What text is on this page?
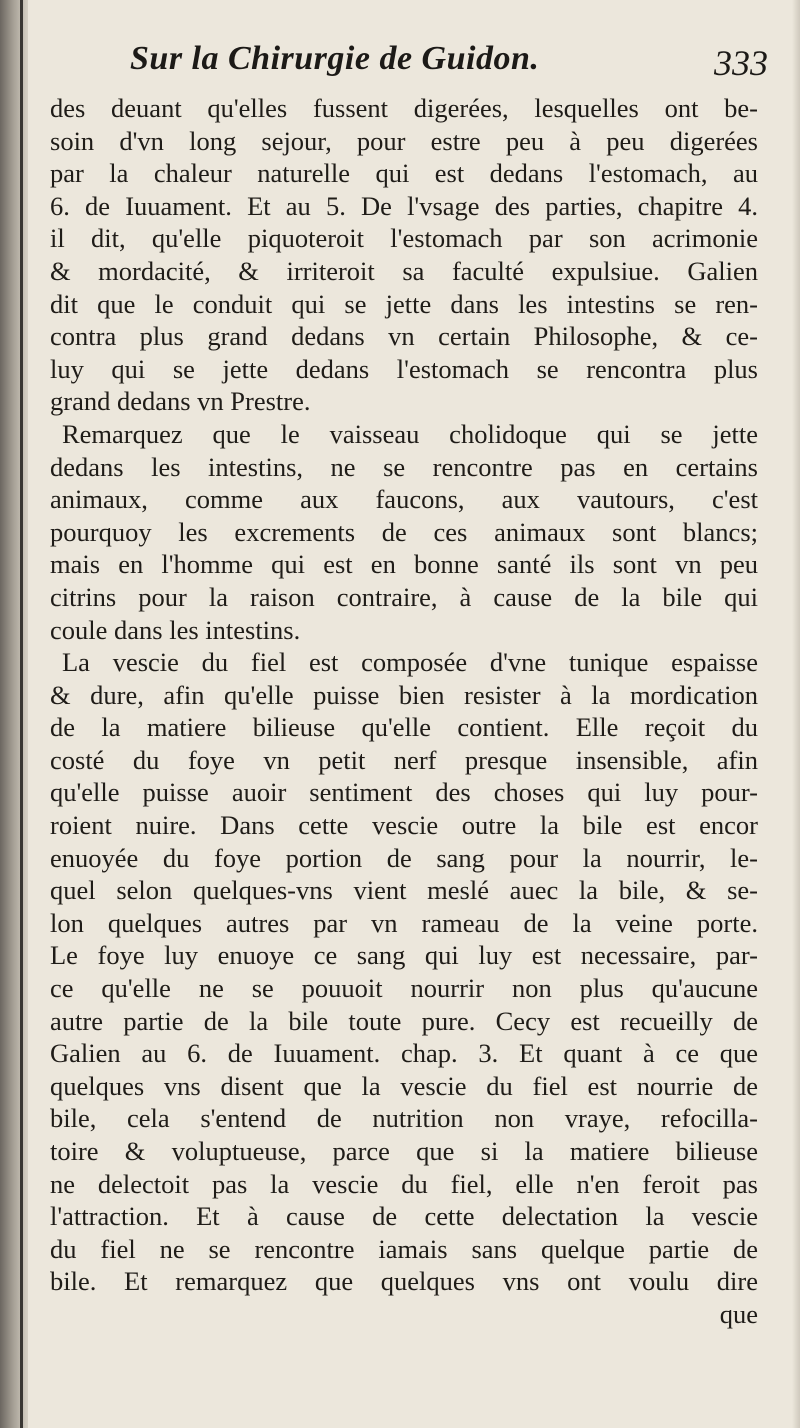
Sur la Chirurgie de Guidon.	333
des deuant qu'elles fussent digerées, lesquelles ont be-
soin d'vn long sejour, pour estre peu à peu digerées
par la chaleur naturelle qui est dedans l'estomach, au
6. de Iuuament. Et au 5. De l'vsage des parties, chapitre 4.
il dit, qu'elle piquoteroit l'estomach par son acrimonie
& mordacité, & irriteroit sa faculté expulsiue. Galien
dit que le conduit qui se jette dans les intestins se ren-
contra plus grand dedans vn certain Philosophe, & ce-
luy qui se jette dedans l'estomach se rencontra plus
grand dedans vn Prestre.
Remarquez que le vaisseau cholidoque qui se jette
dedans les intestins, ne se rencontre pas en certains
animaux, comme aux faucons, aux vautours, c'est
pourquoy les excrements de ces animaux sont blancs;
mais en l'homme qui est en bonne santé ils sont vn peu
citrins pour la raison contraire, à cause de la bile qui
coule dans les intestins.
La vescie du fiel est composée d'vne tunique espaisse
& dure, afin qu'elle puisse bien resister à la mordication
de la matiere bilieuse qu'elle contient. Elle reçoit du
costé du foye vn petit nerf presque insensible, afin
qu'elle puisse auoir sentiment des choses qui luy pour-
roient nuire. Dans cette vescie outre la bile est encor
enuoyée du foye portion de sang pour la nourrir, le-
quel selon quelques-vns vient meslé auec la bile, & se-
lon quelques autres par vn rameau de la veine porte.
Le foye luy enuoye ce sang qui luy est necessaire, par-
ce qu'elle ne se pouuoit nourrir non plus qu'aucune
autre partie de la bile toute pure. Cecy est recueilly de
Galien au 6. de Iuuament. chap. 3. Et quant à ce que
quelques vns disent que la vescie du fiel est nourrie de
bile, cela s'entend de nutrition non vraye, refocilla-
toire & voluptueuse, parce que si la matiere bilieuse
ne delectoit pas la vescie du fiel, elle n'en feroit pas
l'attraction. Et à cause de cette delectation la vescie
du fiel ne se rencontre iamais sans quelque partie de
bile. Et remarquez que quelques vns ont voulu dire
que
